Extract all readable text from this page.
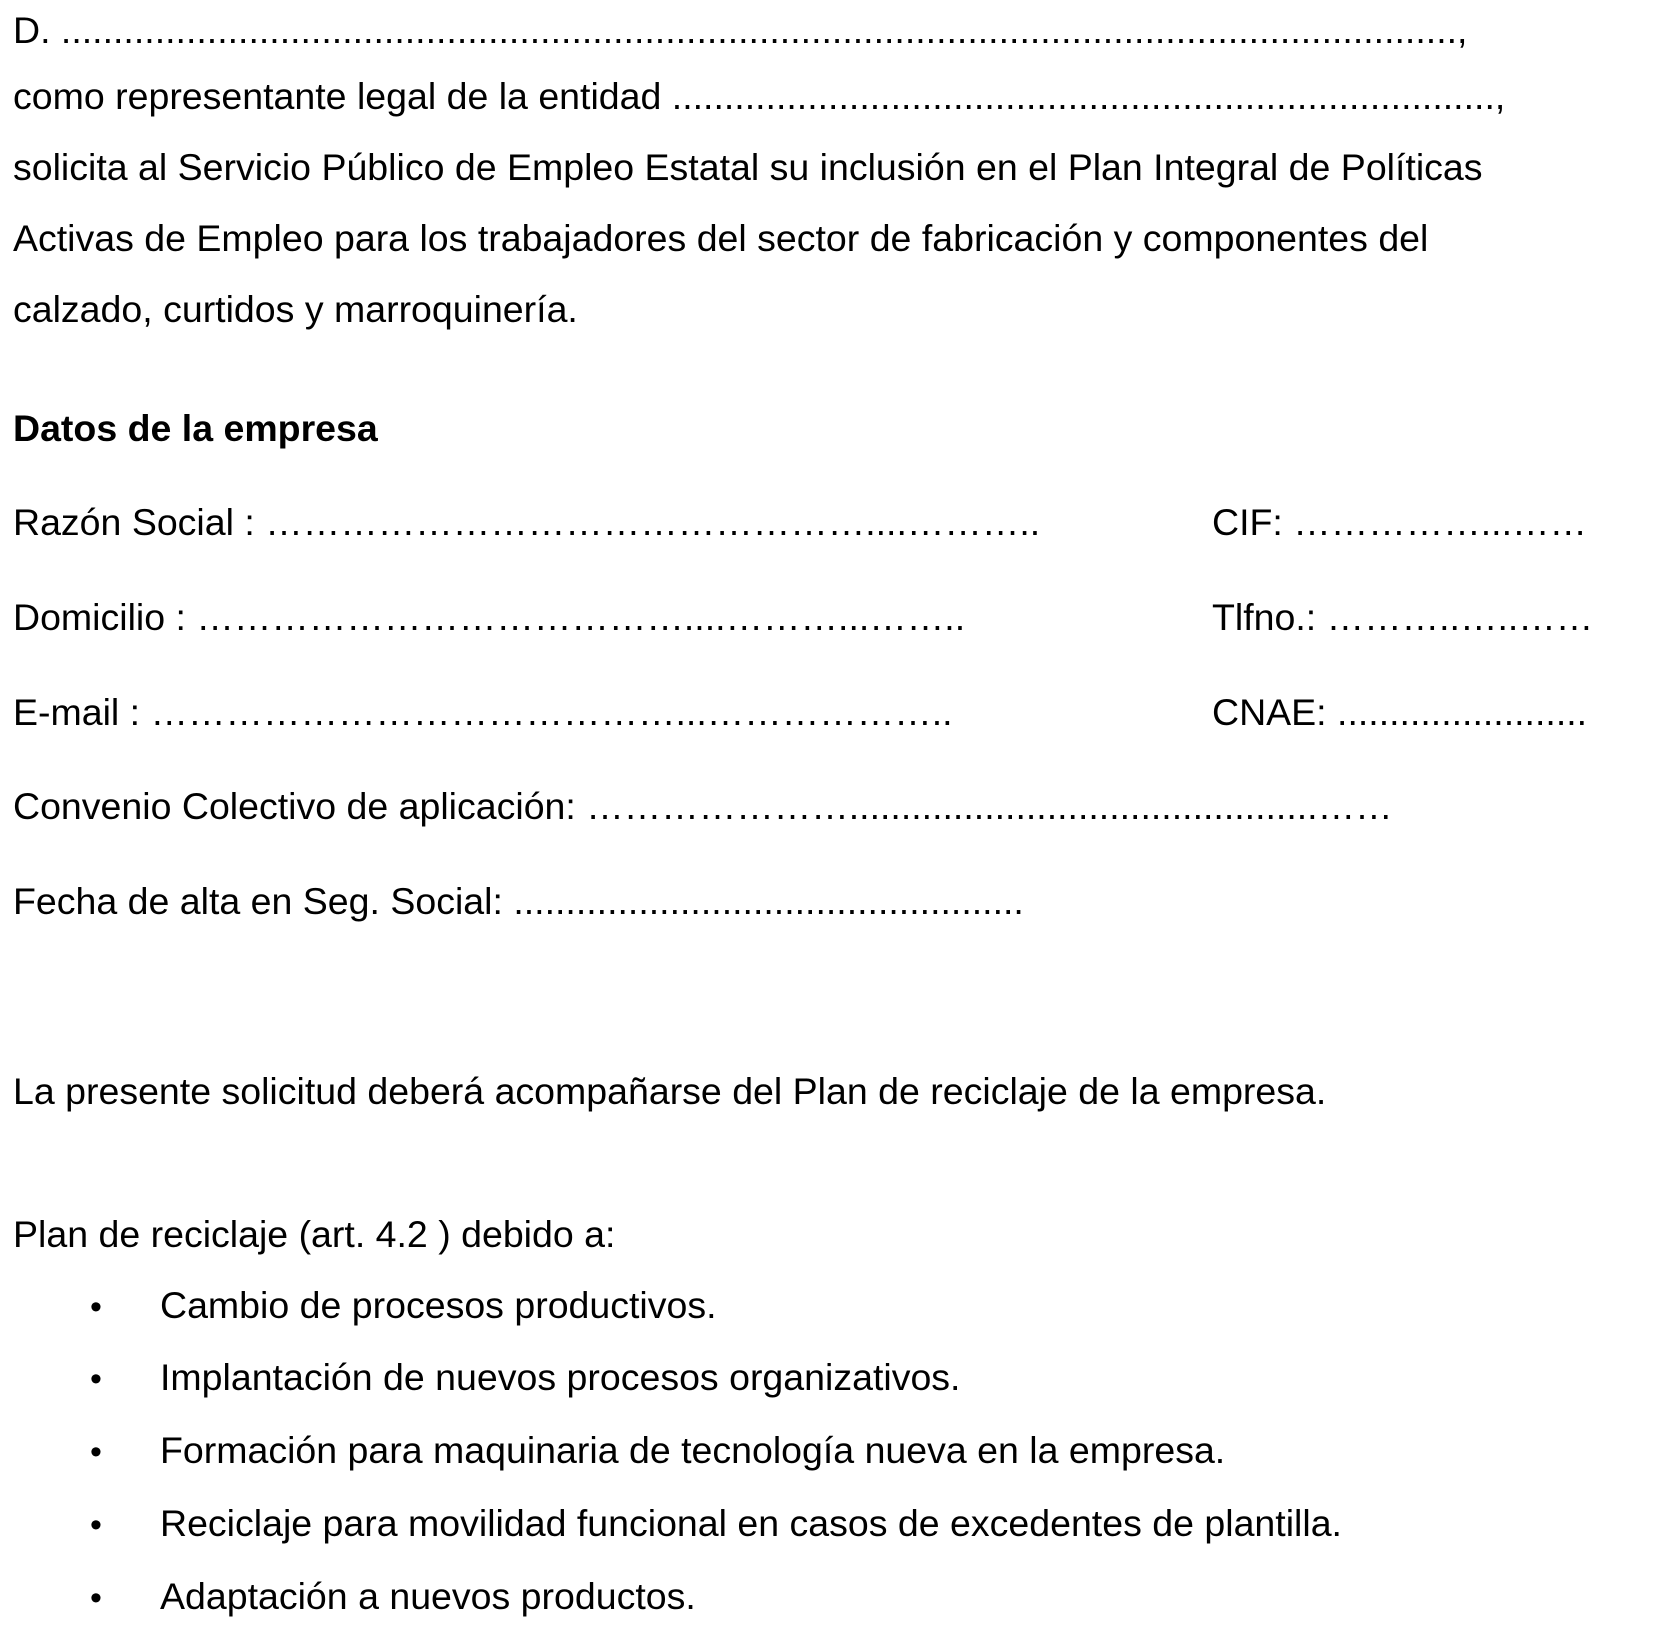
D. ......................................................................................................................................,
como representante legal de la entidad ...............................................................................,
solicita al Servicio Público de Empleo Estatal su inclusión en el Plan Integral de Políticas
Activas de Empleo para los trabajadores del sector de fabricación y componentes del
calzado, curtidos y marroquinería.
Datos de la empresa
Razón Social : …………………………………………....………..	CIF: ……………...……
Domicilio : …………………………………....………...……..	Tlfno.: ………..…..……
E-mail : ……………………………………...………………..	CNAE: ........................
Convenio Colectivo de aplicación: ………………….............................................……
Fecha de alta en Seg. Social: .................................................
La presente solicitud deberá acompañarse del Plan de reciclaje de la empresa.
Plan de reciclaje (art. 4.2 ) debido a:
• Cambio de procesos productivos.
• Implantación de nuevos procesos organizativos.
• Formación para maquinaria de tecnología nueva en la empresa.
• Reciclaje para movilidad funcional en casos de excedentes de plantilla.
• Adaptación a nuevos productos.
